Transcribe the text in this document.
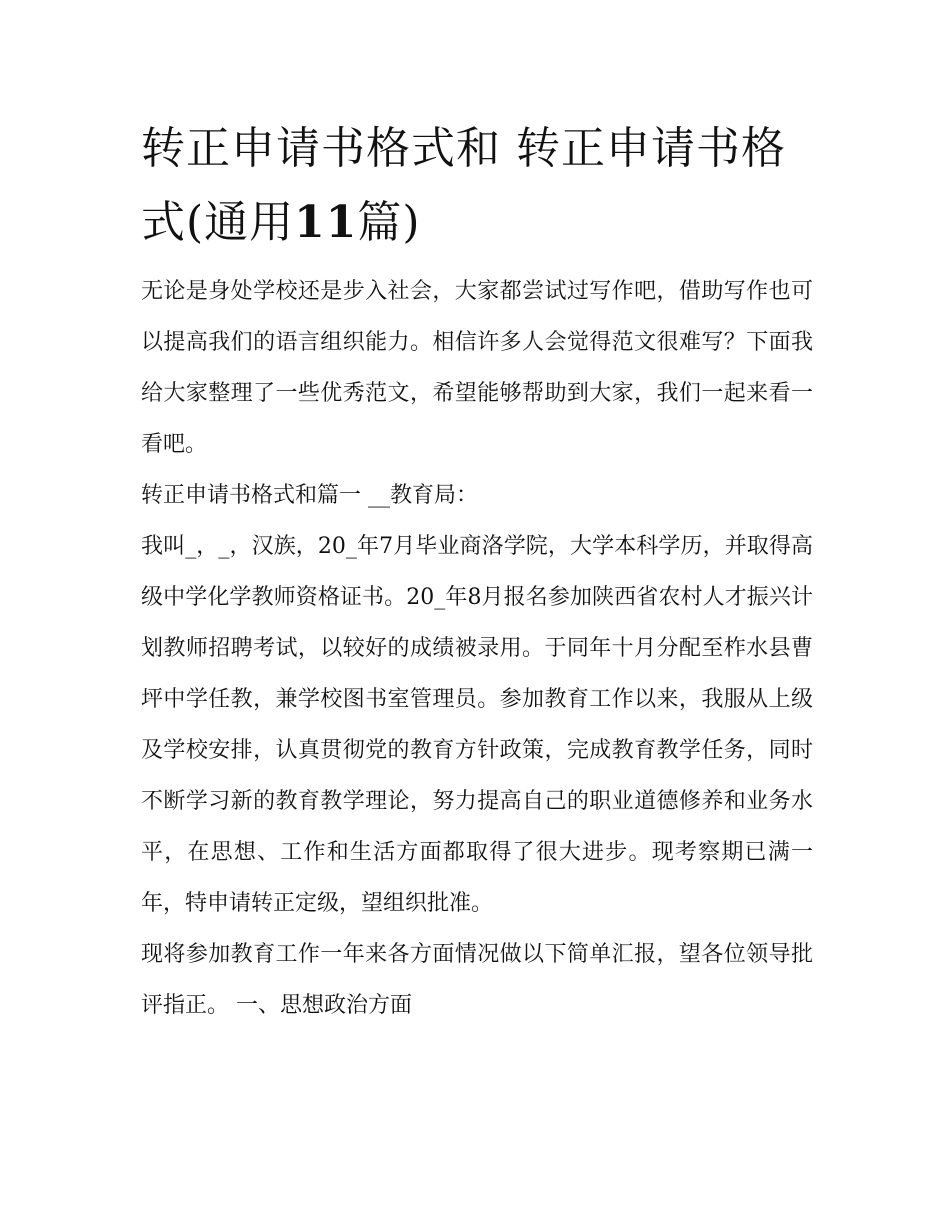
转正申请书格式和 转正申请书格式(通用11篇)

无论是身处学校还是步入社会，大家都尝试过写作吧，借助写作也可以提高我们的语言组织能力。相信许多人会觉得范文很难写？下面我给大家整理了一些优秀范文，希望能够帮助到大家，我们一起来看一看吧。

转正申请书格式和篇一 __教育局：

我叫_，_，汉族，20_年7月毕业商洛学院，大学本科学历，并取得高级中学化学教师资格证书。20_年8月报名参加陕西省农村人才振兴计划教师招聘考试，以较好的成绩被录用。于同年十月分配至柞水县曹坪中学任教，兼学校图书室管理员。参加教育工作以来，我服从上级及学校安排，认真贯彻党的教育方针政策，完成教育教学任务，同时不断学习新的教育教学理论，努力提高自己的职业道德修养和业务水平，在思想、工作和生活方面都取得了很大进步。现考察期已满一年，特申请转正定级，望组织批准。

现将参加教育工作一年来各方面情况做以下简单汇报，望各位领导批评指正。 一、思想政治方面
